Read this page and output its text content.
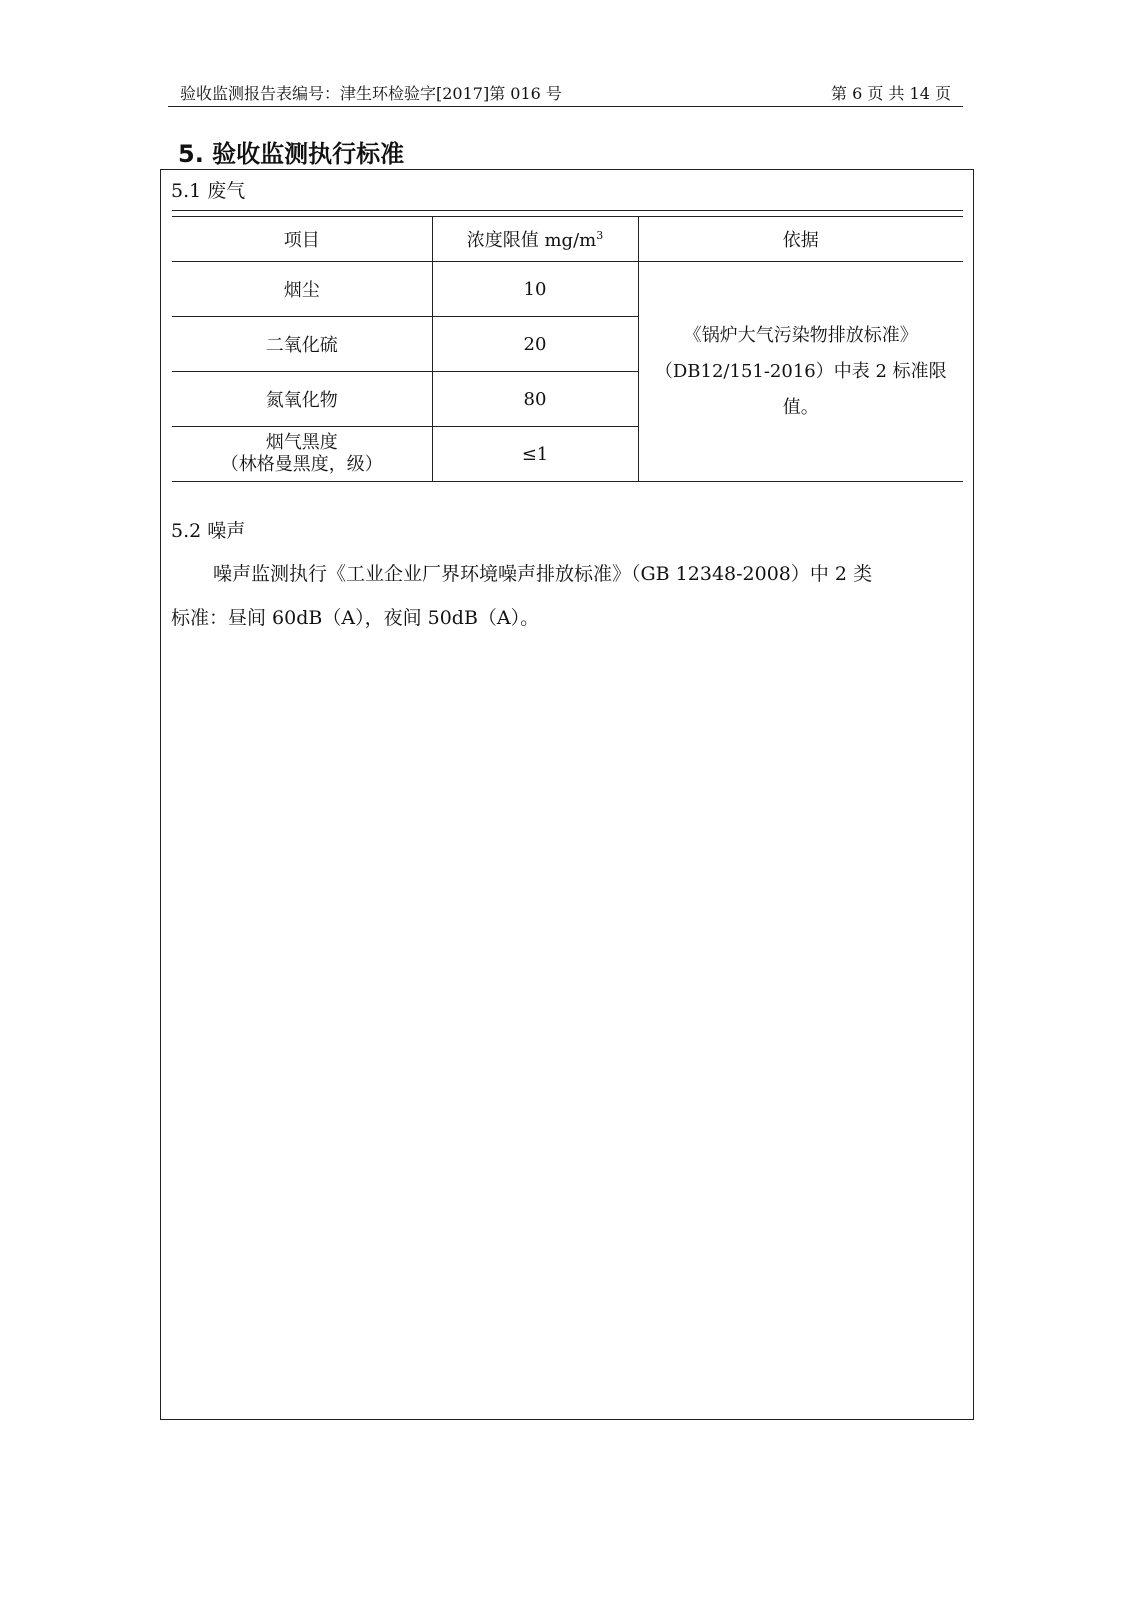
验收监测报告表编号：津生环检验字[2017]第 016 号	第 6 页 共 14 页
5. 验收监测执行标准
5.1 废气
项目	浓度限值 $mg/m^3$	依据
烟尘	10	《锅炉大气污染物排放标准》
（DB12/151-2016）中表 2 标准限
值。

二氧化硫	20	
氮氧化物	80	

烟气黑度
（林格曼黑度，级）	≤1	
5.2 噪声
噪声监测执行《工业企业厂界环境噪声排放标准》（GB 12348-2008）中 2 类
标准：昼间 60dB（A），夜间 50dB（A）。
